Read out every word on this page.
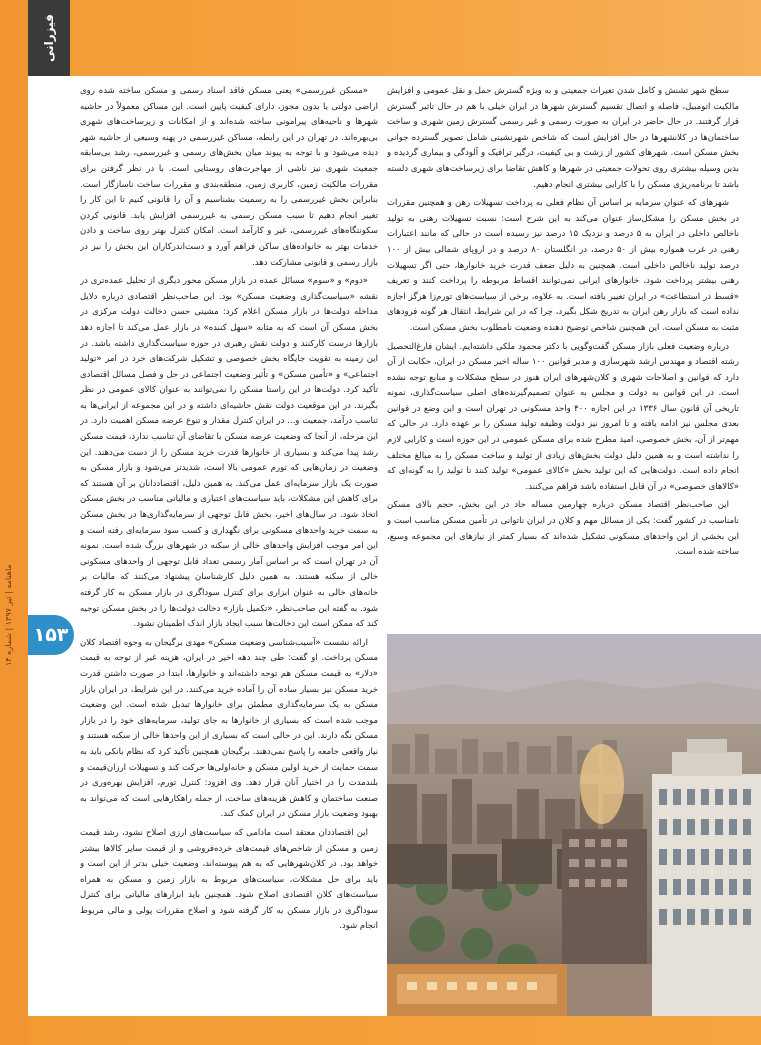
فیزرانی
ماهنامه | تیر ۱۳۹۷ | شماره ۱۴
۱۵۳

سطح شهر تشنش و کامل شدن تعیرات جمعیتی و به ویژه گسترش حمل و نقل عمومی و افزایش مالکیت اتومبیل، فاصله و اتصال تقسیم گسترش شهرها در ایران خیلی با هم در حال تاثیر گسترش قرار گرفتند. در حال حاضر در ایران به صورت رسمی و غیر رسمی گسترش زمین شهری و ساخت ساختمان‌ها در کلانشهرها در حال افزایش است که شاخص شهرنشینی شامل تصویر گسترده جوانی بخش مسکن است. شهرهای کشور از زشت و بی کیفیت، درگیر ترافیک و آلودگی و بیماری گردیده و بدین وسیله بیشتری روی تحولات جمعیتی در شهرها و کاهش تقاضا برای زیرساخت‌های شهری دلسته باشد تا برنامه‌ریزی مسکن را با کارایی بیشتری انجام دهیم.

شهرهای که عنوان سرمایه بر اساس آن نظام فعلی به پرداخت تسهیلات رهن و همچنین مقررات در بخش مسکن را مشکل‌ساز عنوان می‌کند به این شرح است: نسبت تسهیلات رهنی به تولید ناخالص داخلی در ایران به ۵ درصد و نزدیک ۱۵ درصد نیز رسیده است در حالی که مانند اعتبارات رهنی در غرب همواره بیش از ۵۰ درصد، در انگلستان ۸۰ درصد و در اروپای شمالی بیش از ۱۰۰ درصد تولید ناخالص داخلی است. همچنین به دلیل ضعف قدرت خرید خانوارها، حتی اگر تسهیلات رهنی بیشتر پرداخت شود، خانوارهای ایرانی نمی‌توانند اقساط مربوطه را پرداخت کنند و تعریف «قسط در استطاعت» در ایران تغییر یافته است. به علاوه، برخی از سیاست‌های تورم‌زا هرگز اجازه نداده است که بازار رهن ایران به تدریج شکل بگیرد، چرا که در این شرایط، انتقال هر گونه فرودهای مثبت به مسکن است. این همچنین شاخص توضیح دهنده وضعیت نامطلوب بخش مسکن است.

درباره وضعیت فعلی بازار مسکن گفت‌وگویی با دکتر محمود ملکی داشته‌ایم. ایشان فارغ‌التحصیل رشته اقتصاد و مهندس ارشد شهرسازی و مدیر قوانین ۱۰۰ ساله اخیر مسکن در ایران، حکایت از آن دارد که قوانین و اصلاحات شهری و کلان‌شهرهای ایران هنوز در سطح مشکلات و منابع توجه نشده است. در این قوانین به دولت و مجلس به عنوان تصمیم‌گیرنده‌های اصلی سیاست‌گذاری، نمونه تاریخی آن قانون سال ۱۳۳۶ در این اجازه ۴۰۰ واحد مسکونی در تهران است و این وضع در قوانین بعدی مجلس نیز ادامه یافته و تا امروز نیز دولت وظیفه تولید مسکن را بر عهده دارد. در حالی که مهم‌تر از آن، بخش خصوصی، امید مطرح شده برای مسکن عمومی در این حوزه است و کارایی لازم را نداشته است و به همین دلیل دولت بخش‌های زیادی از تولید و ساخت مسکن را به مبالغ مختلف انجام داده است. دولت‌هایی که این تولید بخش «کالای عمومی» تولید کنند تا تولید را به گونه‌ای که «کالاهای خصوصی» در آن قابل استفاده باشد فراهم می‌کنند.

این صاحب‌نظر اقتصاد مسکن درباره چهارمین مساله حاد در این بخش، حجم بالای مسکن نامناسب در کشور گفت: یکی از مسائل مهم و کلان در ایران ناتوانی در تأمین مسکن مناسب است و این بخشی از این واحدهای مسکونی تشکیل شده‌اند که بسیار کمتر از نیازهای این مجموعه وسیع، ساخته شده است.

«مسکن غیررسمی» یعنی مسکن فاقد اسناد رسمی و مسکن ساخته شده روی اراضی دولتی یا بدون مجوز، دارای کیفیت پایین است. این مساکن معمولاً در حاشیه شهرها و ناحیه‌های پیرامونی ساخته شده‌اند و از امکانات و زیرساخت‌های شهری بی‌بهره‌اند. در تهران در این رابطه، مساکن غیررسمی در پهنه وسیعی از حاشیه شهر دیده می‌شود و با توجه به پیوند میان بخش‌های رسمی و غیررسمی، رشد بی‌سابقه جمعیت شهری نیز ناشی از مهاجرت‌های روستایی است. با در نظر گرفتن برای مقررات مالکیت زمین، کاربری زمین، منطقه‌بندی و مقررات ساخت ناسازگار است. بنابراین بخش غیررسمی را به رسمیت بشناسیم و آن را قانونی کنیم تا این کار را تغییر انجام دهیم تا سبب مسکن رسمی به غیررسمی افزایش یابد. قانونی کردن سکونتگاه‌های غیررسمی، غیر و کارآمد است. امکان کنترل بهتر روی ساخت و دادن خدمات بهتر به خانواده‌های ساکن فراهم آورد و دست‌اندرکاران این بخش را نیز در بازار رسمی و قانونی مشارکت دهد.

«دوم» و «سوم» مسائل عمده در بازار مسکن محور دیگری از تحلیل عمده‌تری در نقشه «سیاست‌گذاری وضعیت مسکن» بود. این صاحب‌نظر اقتصادی درباره دلایل مداخله دولت‌ها در بازار مسکن اعلام کرد: مشیتی حسن دخالت دولت مرکزی در بخش مسکن آن است که به مثابه «سهل کننده» در بازار عمل می‌کند تا اجازه دهد بازارها درست کارکنند و دولت نقش رهبری در حوزه سیاست‌گذاری داشته باشد. در این زمینه به تقویت جایگاه بخش خصوصی و تشکیل شرکت‌های خرد در امر «تولید اجتماعی» و «تأمین مسکن» و تأثیر وضعیت اجتماعی در حل و فصل مسائل اقتصادی تأکید کرد. دولت‌ها در این راستا مسکن را نمی‌توانند به عنوان کالای عمومی در نظر بگیرند. در این موقعیت دولت نقش حاشیه‌ای داشته و در این مجموعه از ایرانی‌ها به تناسب درآمد، جمعیت و... در ایران کنترل مقدار و تنوع عرضه مسکن اهمیت دارد. در این مرحله، از آنجا که وضعیت عرضه مسکن با تقاضای آن تناسب ندارد، قیمت مسکن رشد پیدا می‌کند و بسیاری از خانوارها قدرت خرید مسکن را از دست می‌دهند. این وضعیت در زمان‌هایی که تورم عمومی بالا است، شدیدتر می‌شود و بازار مسکن به صورت یک بازار سرمایه‌ای عمل می‌کند. به همین دلیل، اقتصاددانان بر آن هستند که برای کاهش این مشکلات، باید سیاست‌های اعتباری و مالیاتی مناسب در بخش مسکن اتخاذ شود. در سال‌های اخیر، بخش قابل توجهی از سرمایه‌گذاری‌ها در بخش مسکن به سمت خرید واحدهای مسکونی برای نگهداری و کسب سود سرمایه‌ای رفته است و این امر موجب افزایش واحدهای خالی از سکنه در شهرهای بزرگ شده است. نمونه آن در تهران است که بر اساس آمار رسمی تعداد قابل توجهی از واحدهای مسکونی خالی از سکنه هستند. به همین دلیل کارشناسان پیشنهاد می‌کنند که مالیات بر خانه‌های خالی به عنوان ابزاری برای کنترل سوداگری در بازار مسکن به کار گرفته شود. به گفته این صاحب‌نظر، «تکمیل بازار» دخالت دولت‌ها را در بخش مسکن توجیه کند که ممکن است این دخالت‌ها سبب ایجاد بازار اندک اطمینان نشود.

ارائه نشست «آسیب‌شناسی وضعیت مسکن» مهدی برگیجان به وجوه اقتصاد کلان مسکن پرداخت. او گفت: طی چند دهه اخیر در ایران، هزینه غیر از توجه به قیمت «دلار» به قیمت مسکن هم توجه داشته‌اند و خانوارها، ابتدا در صورت داشتن قدرت خرید مسکن نیز بسیار ساده آن را آماده خرید می‌کنند. در این شرایط، در ایران بازار مسکن به یک سرمایه‌گذاری مطمئن برای خانوارها تبدیل شده است. این وضعیت موجب شده است که بسیاری از خانوارها به جای تولید، سرمایه‌های خود را در بازار مسکن نگه دارند. این در حالی است که بسیاری از این واحدها خالی از سکنه هستند و نیاز واقعی جامعه را پاسخ نمی‌دهند. برگیجان همچنین تأکید کرد که نظام بانکی باید به سمت حمایت از خرید اولین مسکن و خانه‌اولی‌ها حرکت کند و تسهیلات ارزان‌قیمت و بلندمدت را در اختیار آنان قرار دهد. وی افزود: کنترل تورم، افزایش بهره‌وری در صنعت ساختمان و کاهش هزینه‌های ساخت، از جمله راهکارهایی است که می‌تواند به بهبود وضعیت بازار مسکن در ایران کمک کند.

این اقتصاددان معتقد است مادامی که سیاست‌های ارزی اصلاح نشود، رشد قیمت زمین و مسکن از شاخص‌های قیمت‌های خرده‌فروشی و از قیمت سایر کالاها بیشتر خواهد بود. در کلان‌شهرهایی که به هم پیوسته‌اند، وضعیت خیلی بدتر از این است و باید برای حل مشکلات، سیاست‌های مربوط به بازار زمین و مسکن به همراه سیاست‌های کلان اقتصادی اصلاح شود. همچنین باید ابزارهای مالیاتی برای کنترل سوداگری در بازار مسکن به کار گرفته شود و اصلاح مقررات پولی و مالی مربوط انجام شود.
